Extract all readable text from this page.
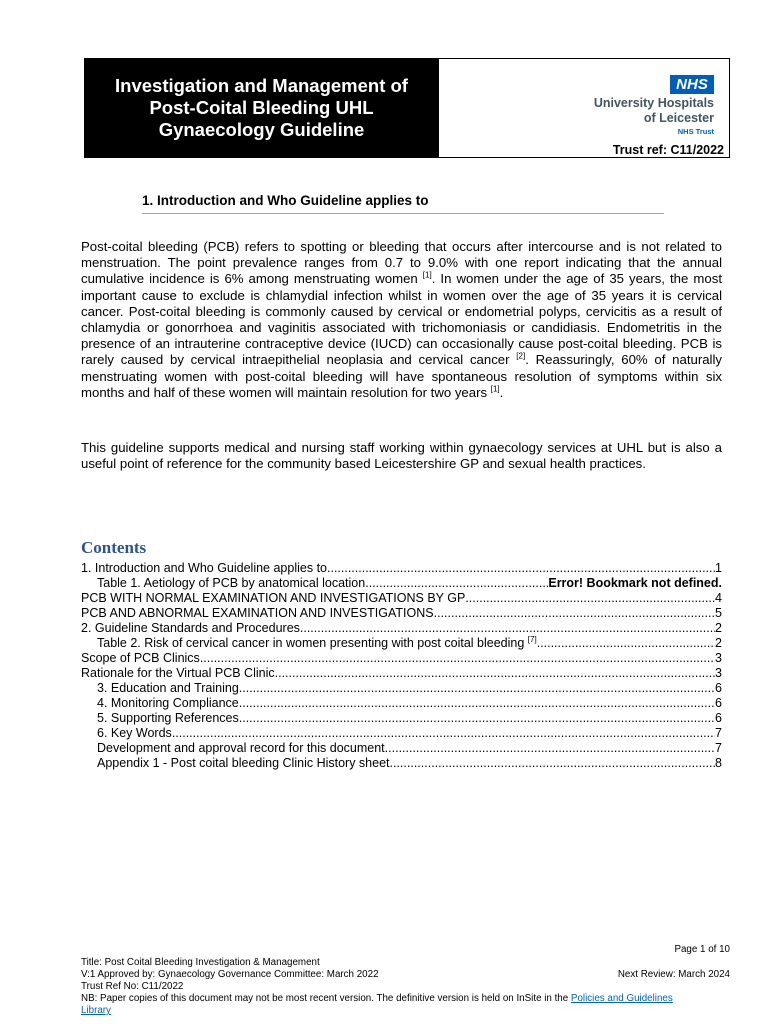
Investigation and Management of
Post-Coital Bleeding UHL
Gynaecology Guideline
NHS
University Hospitals
of Leicester
NHS Trust
Trust ref: C11/2022
1. Introduction and Who Guideline applies to
Post-coital bleeding (PCB) refers to spotting or bleeding that occurs after intercourse and is not related to menstruation. The point prevalence ranges from 0.7 to 9.0% with one report indicating that the annual cumulative incidence is 6% among menstruating women [1]. In women under the age of 35 years, the most important cause to exclude is chlamydial infection whilst in women over the age of 35 years it is cervical cancer. Post-coital bleeding is commonly caused by cervical or endometrial polyps, cervicitis as a result of chlamydia or gonorrhoea and vaginitis associated with trichomoniasis or candidiasis. Endometritis in the presence of an intrauterine contraceptive device (IUCD) can occasionally cause post-coital bleeding. PCB is rarely caused by cervical intraepithelial neoplasia and cervical cancer [2]. Reassuringly, 60% of naturally menstruating women with post-coital bleeding will have spontaneous resolution of symptoms within six months and half of these women will maintain resolution for two years [1].
This guideline supports medical and nursing staff working within gynaecology services at UHL but is also a useful point of reference for the community based Leicestershire GP and sexual health practices.
Contents
1. Introduction and Who Guideline applies to .....	1
Table 1. Aetiology of PCB by anatomical location. .....	Error! Bookmark not defined.
PCB WITH NORMAL EXAMINATION AND INVESTIGATIONS BY GP .....	4
PCB AND ABNORMAL EXAMINATION AND INVESTIGATIONS .....	5
2. Guideline Standards and Procedures .....	2
Table 2. Risk of cervical cancer in women presenting with post coital bleeding [7] .....	2
Scope of PCB Clinics .....	3
Rationale for the Virtual PCB Clinic .....	3
3. Education and Training .....	6
4. Monitoring Compliance .....	6
5. Supporting References .....	6
6. Key Words .....	7
Development and approval record for this document .....	7
Appendix 1 - Post coital bleeding Clinic History sheet .....	8
Page 1 of 10
Title: Post Coital Bleeding Investigation & Management
V:1 Approved by: Gynaecology Governance Committee: March 2022	Next Review: March 2024
Trust Ref No: C11/2022
NB: Paper copies of this document may not be most recent version. The definitive version is held on InSite in the Policies and Guidelines
Library
